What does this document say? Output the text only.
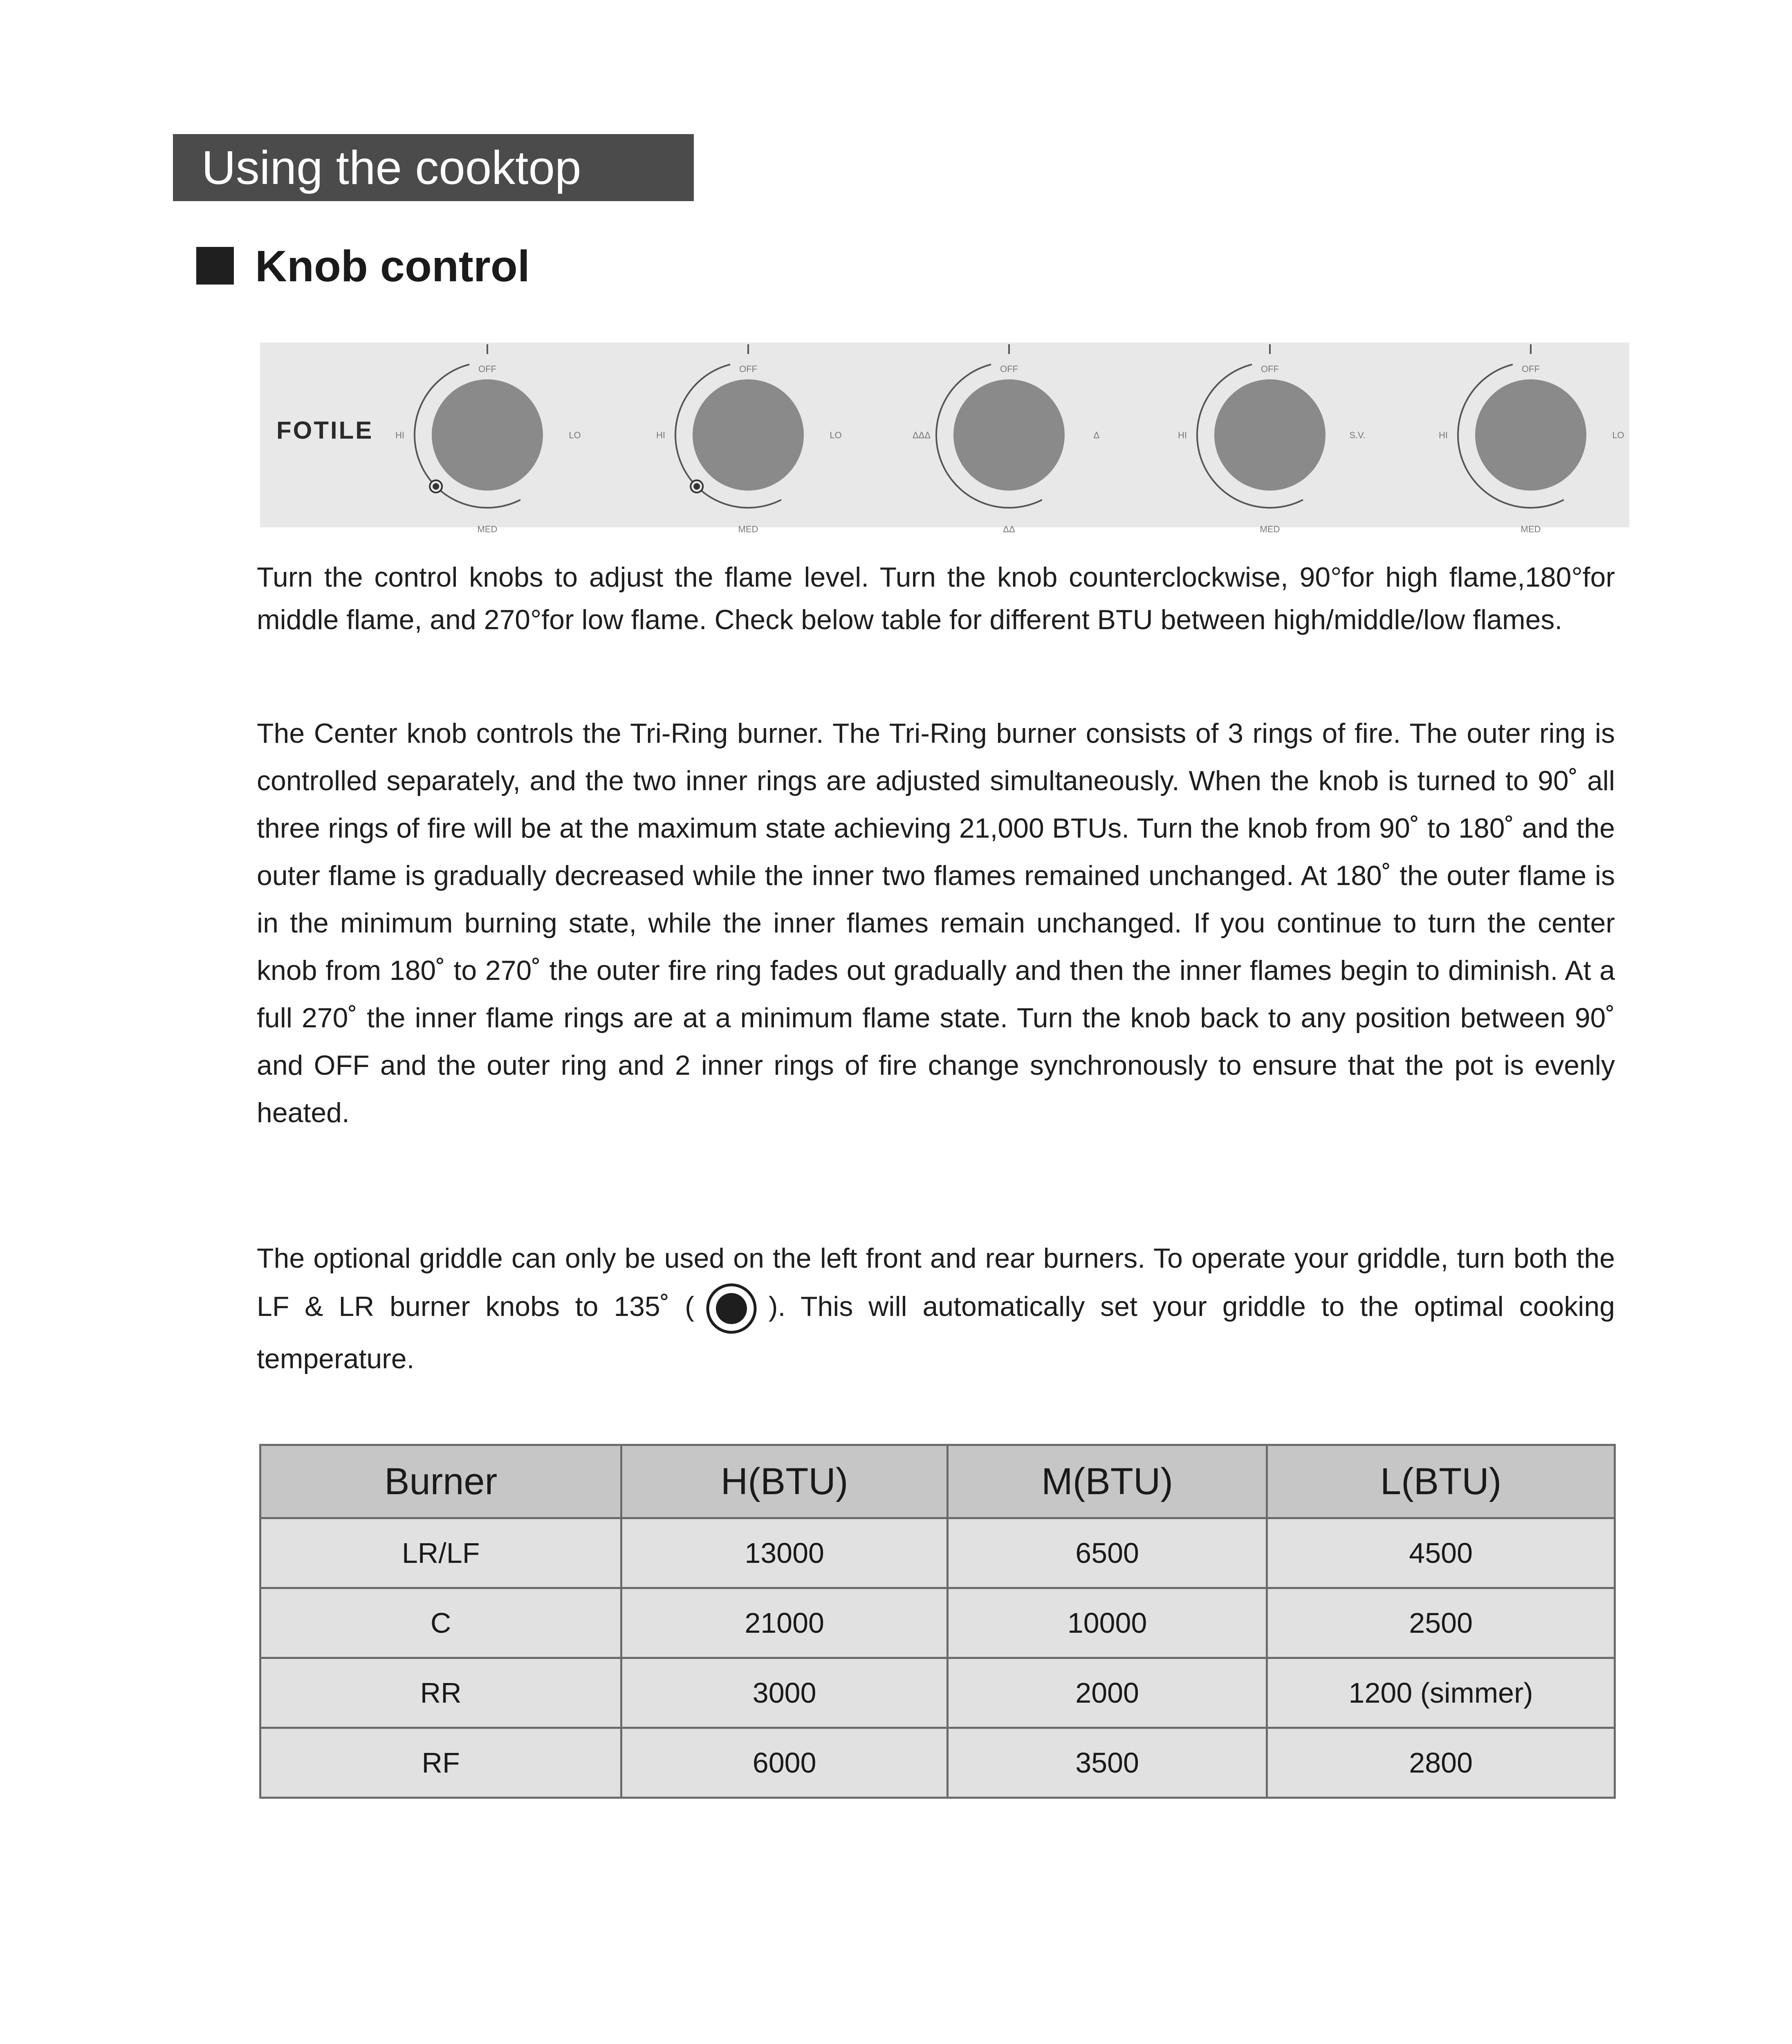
Using the cooktop
Knob control
FOTILE
OFF
HI	LO
MED
OFF
HI	LO
MED
OFF
ΔΔΔ	Δ
ΔΔ
OFF
HI	S.V.
MED
OFF
HI	LO
MED

Turn the control knobs to adjust the flame level. Turn the knob counterclockwise, 90°for high flame,180°for middle flame, and 270°for low flame. Check below table for different BTU between high/middle/low flames.

The Center knob controls the Tri-Ring burner. The Tri-Ring burner consists of 3 rings of fire. The outer ring is controlled separately, and the two inner rings are adjusted simultaneously. When the knob is turned to 90˚ all three rings of fire will be at the maximum state achieving 21,000 BTUs. Turn the knob from 90˚ to 180˚ and the outer flame is gradually decreased while the inner two flames remained unchanged. At 180˚ the outer flame is in the minimum burning state, while the inner flames remain unchanged. If you continue to turn the center knob from 180˚ to 270˚ the outer fire ring fades out gradually and then the inner flames begin to diminish. At a full 270˚ the inner flame rings are at a minimum flame state. Turn the knob back to any position between 90˚ and OFF and the outer ring and 2 inner rings of fire change synchronously to ensure that the pot is evenly heated.

The optional griddle can only be used on the left front and rear burners. To operate your griddle, turn both the LF & LR burner knobs to 135˚ (	). This will automatically set your griddle to the optimal cooking temperature.

Burner	H(BTU)	M(BTU)	L(BTU)
LR/LF	13000	6500	4500
C	21000	10000	2500
RR	3000	2000	1200 (simmer)
RF	6000	3500	2800
